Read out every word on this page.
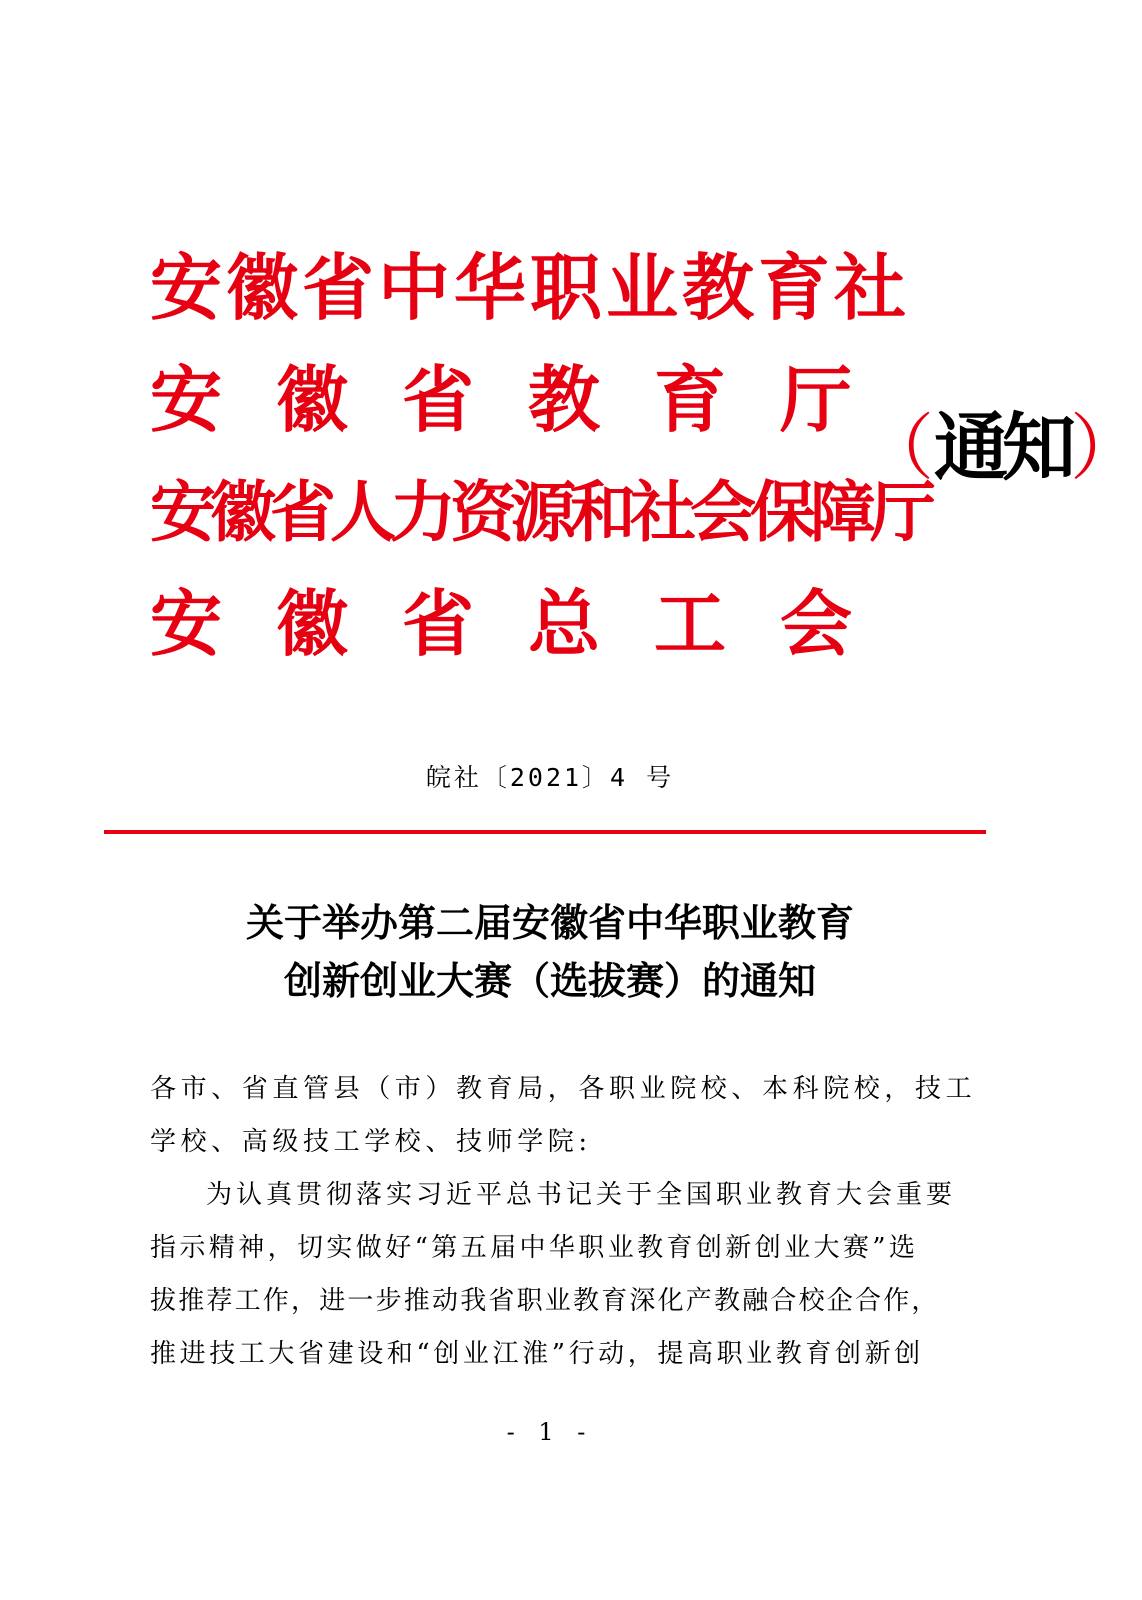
安徽省中华职业教育社
安徽省教育厅
安徽省人力资源和社会保障厅
安徽省总工会
（通知）
皖社〔2021〕4 号
关于举办第二届安徽省中华职业教育
创新创业大赛（选拔赛）的通知
各市、省直管县（市）教育局，各职业院校、本科院校，技工
学校、高级技工学校、技师学院:
为认真贯彻落实习近平总书记关于全国职业教育大会重要
指示精神，切实做好“第五届中华职业教育创新创业大赛”选
拔推荐工作，进一步推动我省职业教育深化产教融合校企合作，
推进技工大省建设和“创业江淮”行动，提高职业教育创新创
- 1 -
